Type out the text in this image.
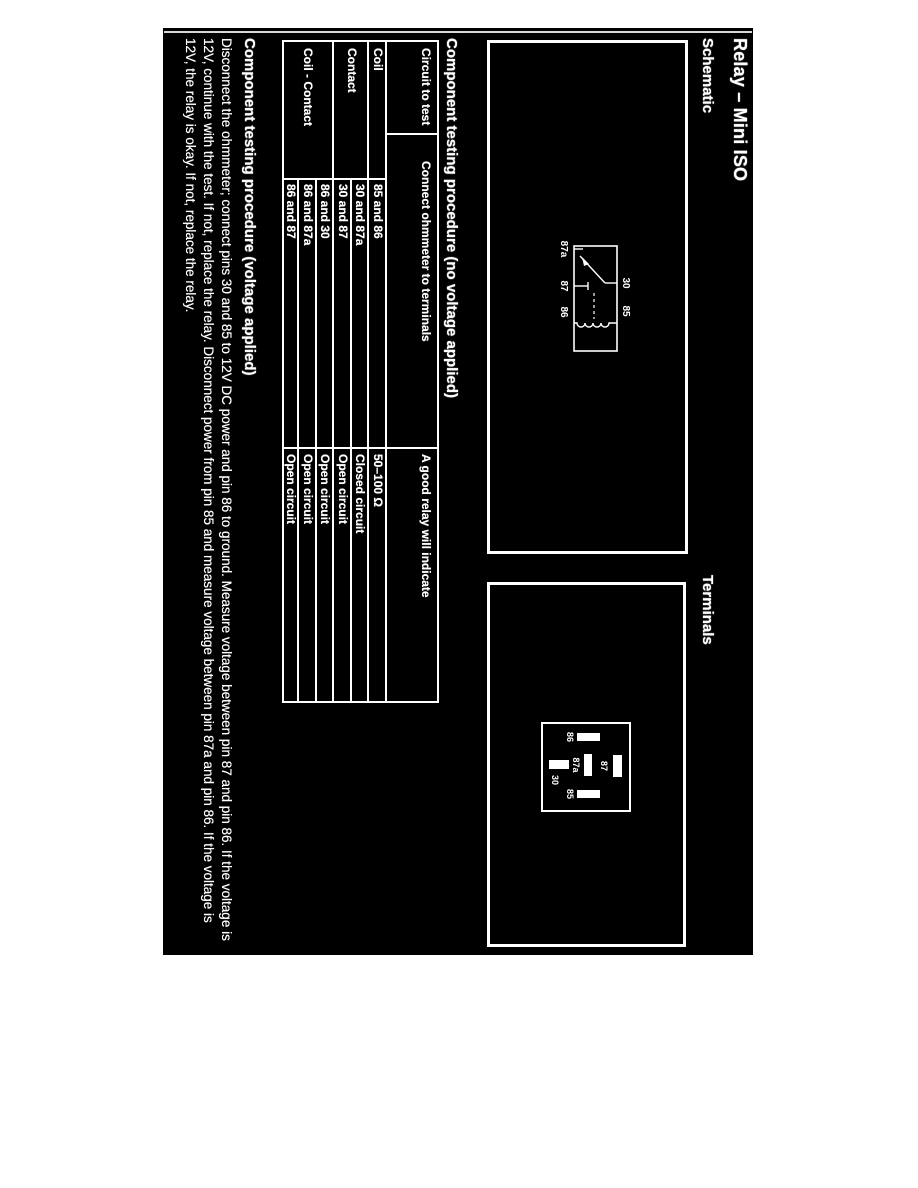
Relay – Mini ISO
Schematic
Terminals
30
85
87a
87
86
87
87a
86
85
30
Component testing procedure (no voltage applied)
Circuit to test
Connect ohmmeter to terminals
A good relay will indicate
Coil
Contact
Coil - Contact
85 and 86
30 and 87a
30 and 87
86 and 30
86 and 87a
86 and 87
50–100 Ω
Closed circuit
Open circuit
Open circuit
Open circuit
Open circuit
Component testing procedure (voltage applied)
Disconnect the ohmmeter; connect pins 30 and 85 to 12V DC power and pin 86 to ground. Measure voltage between pin 87 and pin 86. If the voltage is 12V, continue with the test. If not, replace the relay. Disconnect power from pin 85 and measure voltage between pin 87a and pin 86. If the voltage is 12V, the relay is okay. If not, replace the relay.
